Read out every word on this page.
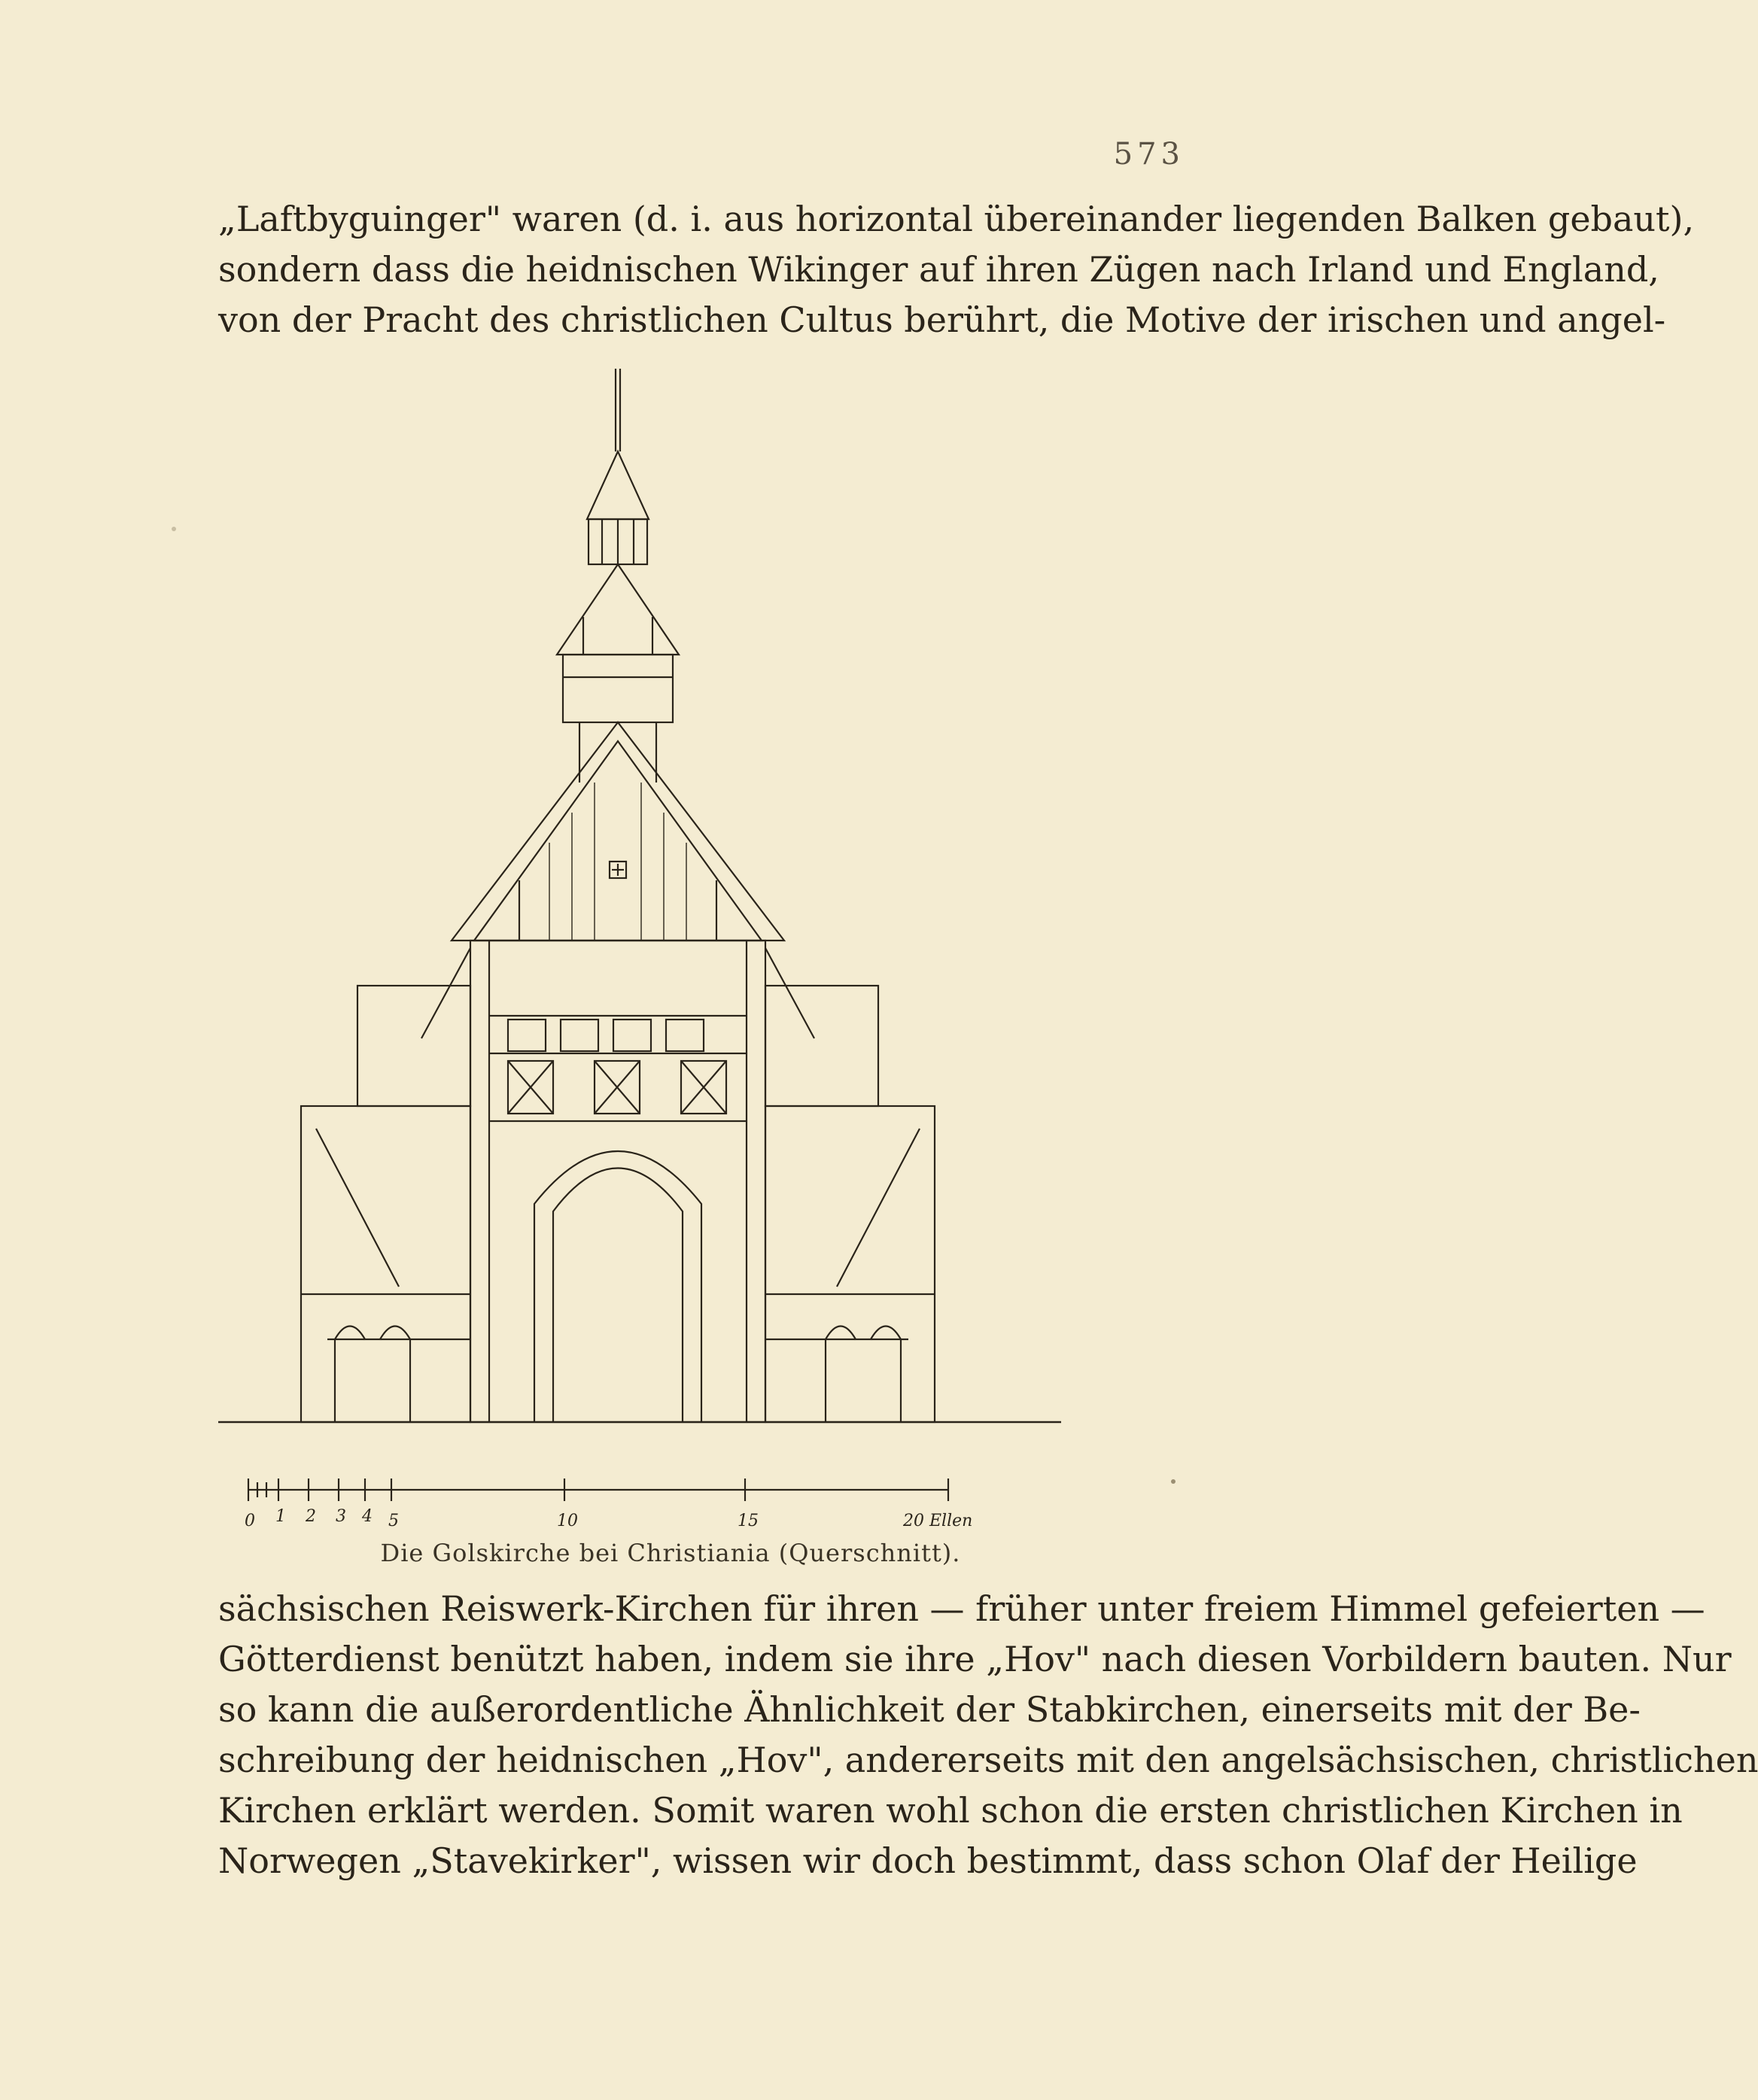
573
„Laftbyguinger" waren (d. i. aus horizontal übereinander liegenden Balken gebaut),
sondern dass die heidnischen Wikinger auf ihren Zügen nach Irland und England,
von der Pracht des christlichen Cultus berührt, die Motive der irischen und angel-
0 1 2 3 4 5	10	15	20 Ellen
Die Golskirche bei Christiania (Querschnitt).
sächsischen Reiswerk-Kirchen für ihren — früher unter freiem Himmel gefeierten —
Götterdienst benützt haben, indem sie ihre „Hov" nach diesen Vorbildern bauten. Nur
so kann die außerordentliche Ähnlichkeit der Stabkirchen, einerseits mit der Be-
schreibung der heidnischen „Hov", andererseits mit den angelsächsischen, christlichen
Kirchen erklärt werden. Somit waren wohl schon die ersten christlichen Kirchen in
Norwegen „Stavekirker", wissen wir doch bestimmt, dass schon Olaf der Heilige
